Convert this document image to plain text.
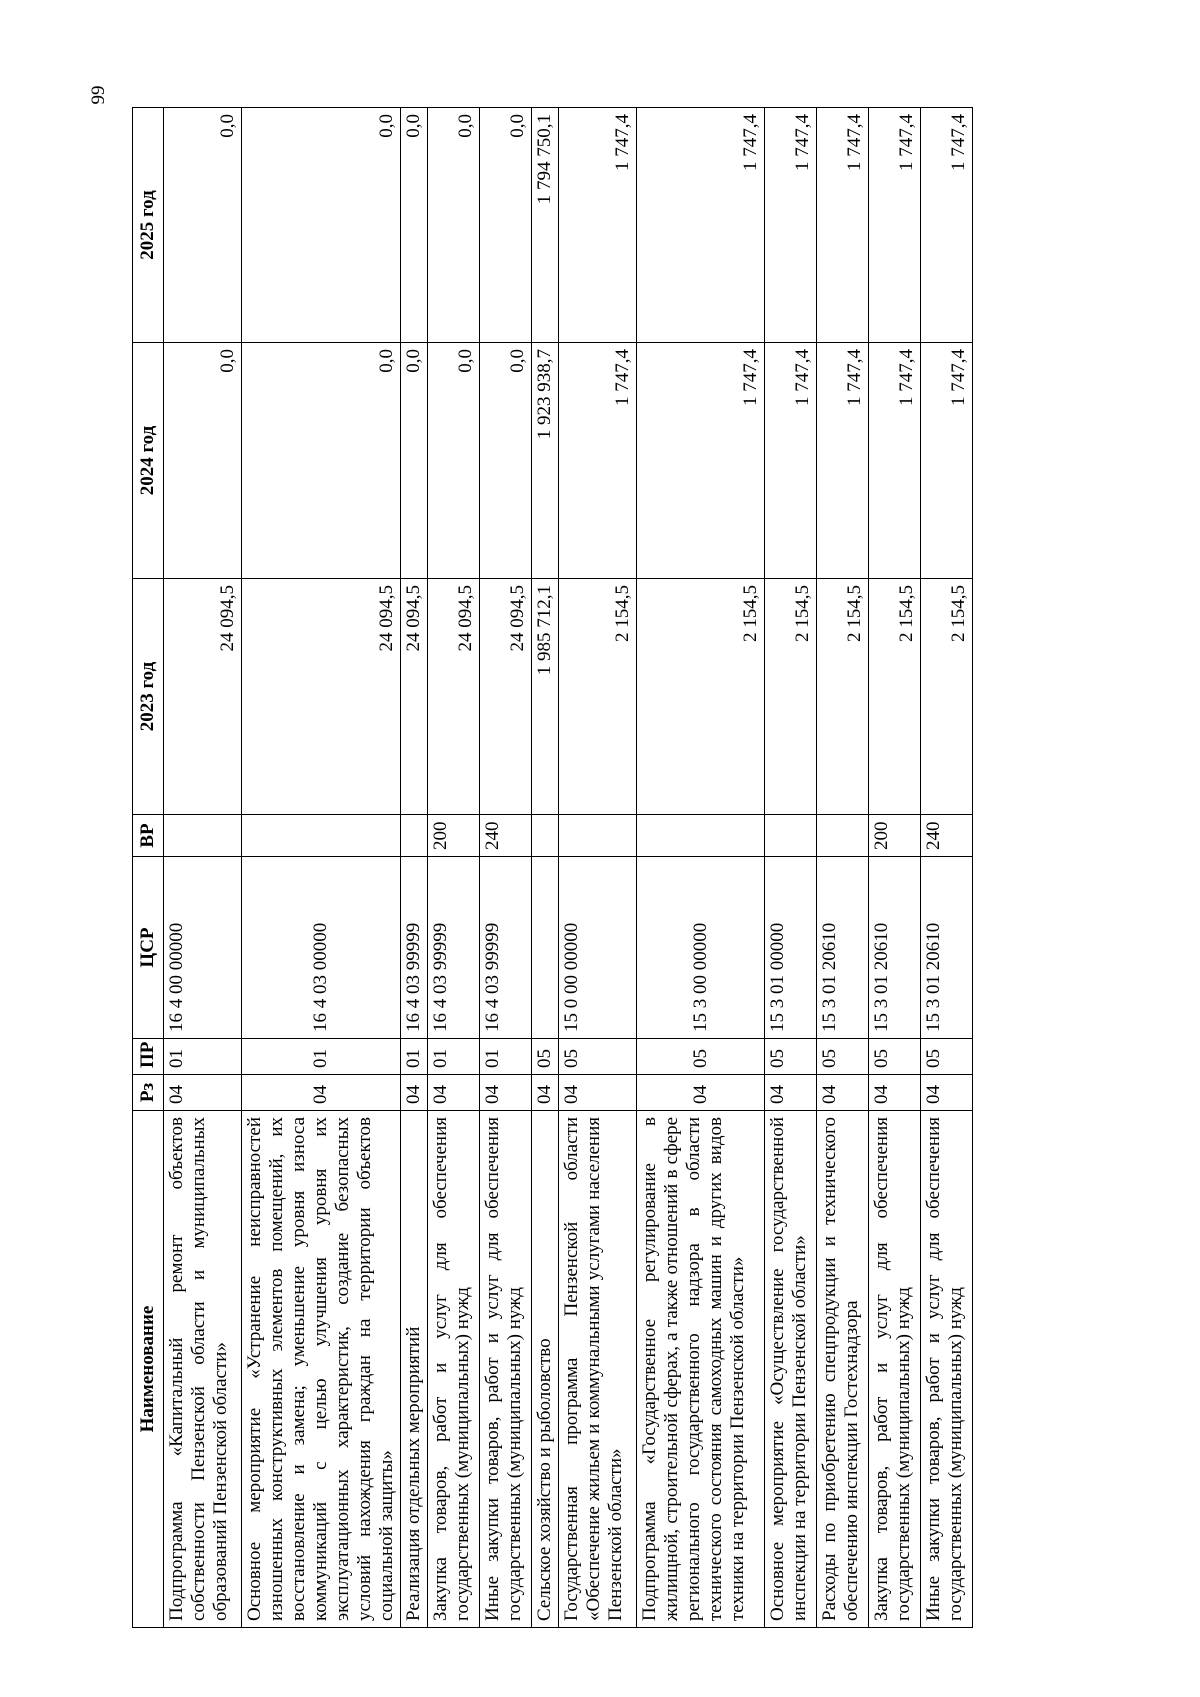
99
Наименование	Рз	ПР	ЦСР	ВР	2023 год	2024 год	2025 год
Подпрограмма «Капитальный ремонт объектов собственности Пензенской области и муниципальных образований Пензенской области»	04	01	16 4 00 00000		24 094,5	0,0	0,0
Основное мероприятие «Устранение неисправностей изношенных конструктивных элементов помещений, их восстановление и замена; уменьшение уровня износа коммуникаций с целью улучшения уровня их эксплуатационных характеристик, создание безопасных условий нахождения граждан на территории объектов социальной защиты»	04	01	16 4 03 00000		24 094,5	0,0	0,0
Реализация отдельных мероприятий	04	01	16 4 03 99999		24 094,5	0,0	0,0
Закупка товаров, работ и услуг для обеспечения государственных (муниципальных) нужд	04	01	16 4 03 99999	200	24 094,5	0,0	0,0
Иные закупки товаров, работ и услуг для обеспечения государственных (муниципальных) нужд	04	01	16 4 03 99999	240	24 094,5	0,0	0,0
Сельское хозяйство и рыболовство	04	05			1 985 712,1	1 923 938,7	1 794 750,1
Государственная программа Пензенской области «Обеспечение жильем и коммунальными услугами населения Пензенской области»	04	05	15 0 00 00000		2 154,5	1 747,4	1 747,4
Подпрограмма «Государственное регулирование в жилищной, строительной сферах, а также отношений в сфере регионального государственного надзора в области технического состояния самоходных машин и других видов техники на территории Пензенской области»	04	05	15 3 00 00000		2 154,5	1 747,4	1 747,4
Основное мероприятие «Осуществление государственной инспекции на территории Пензенской области»	04	05	15 3 01 00000		2 154,5	1 747,4	1 747,4
Расходы по приобретению спецпродукции и технического обеспечению инспекции Гостехнадзора	04	05	15 3 01 20610		2 154,5	1 747,4	1 747,4
Закупка товаров, работ и услуг для обеспечения государственных (муниципальных) нужд	04	05	15 3 01 20610	200	2 154,5	1 747,4	1 747,4
Иные закупки товаров, работ и услуг для обеспечения государственных (муниципальных) нужд	04	05	15 3 01 20610	240	2 154,5	1 747,4	1 747,4
